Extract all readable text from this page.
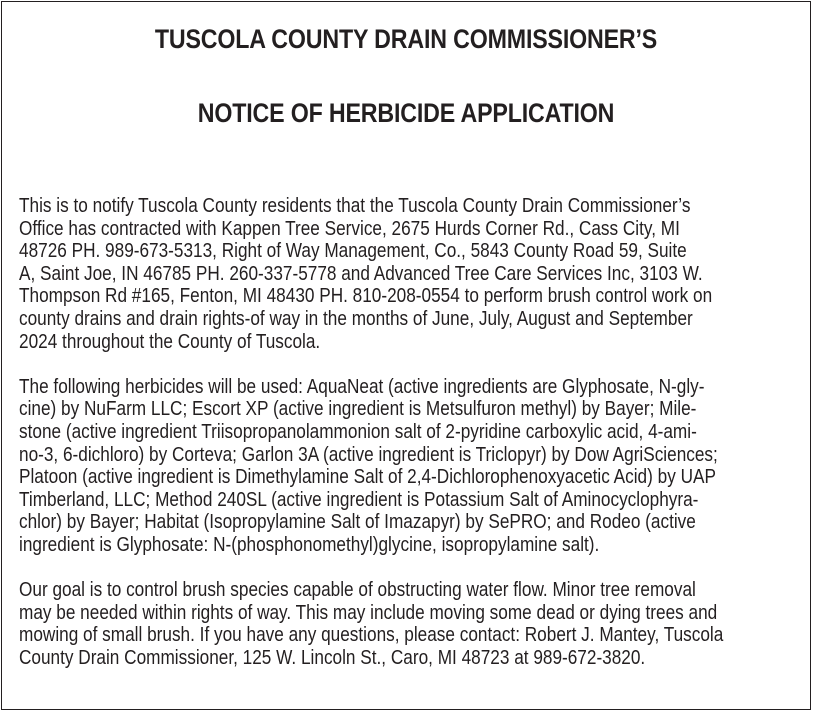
TUSCOLA COUNTY DRAIN COMMISSIONER’S
NOTICE OF HERBICIDE APPLICATION

This is to notify Tuscola County residents that the Tuscola County Drain Commissioner’s
Office has contracted with Kappen Tree Service, 2675 Hurds Corner Rd., Cass City, MI
48726 PH. 989-673-5313, Right of Way Management, Co., 5843 County Road 59, Suite
A, Saint Joe, IN 46785 PH. 260-337-5778 and Advanced Tree Care Services Inc, 3103 W.
Thompson Rd #165, Fenton, MI 48430 PH. 810-208-0554 to perform brush control work on
county drains and drain rights-of way in the months of June, July, August and September
2024 throughout the County of Tuscola.

The following herbicides will be used: AquaNeat (active ingredients are Glyphosate, N-gly-
cine) by NuFarm LLC; Escort XP (active ingredient is Metsulfuron methyl) by Bayer; Mile-
stone (active ingredient Triisopropanolammonion salt of 2-pyridine carboxylic acid, 4-ami-
no-3, 6-dichloro) by Corteva; Garlon 3A (active ingredient is Triclopyr) by Dow AgriSciences;
Platoon (active ingredient is Dimethylamine Salt of 2,4-Dichlorophenoxyacetic Acid) by UAP
Timberland, LLC; Method 240SL (active ingredient is Potassium Salt of Aminocyclophyra-
chlor) by Bayer; Habitat (Isopropylamine Salt of Imazapyr) by SePRO; and Rodeo (active
ingredient is Glyphosate: N-(phosphonomethyl)glycine, isopropylamine salt).

Our goal is to control brush species capable of obstructing water flow. Minor tree removal
may be needed within rights of way. This may include moving some dead or dying trees and
mowing of small brush. If you have any questions, please contact: Robert J. Mantey, Tuscola
County Drain Commissioner, 125 W. Lincoln St., Caro, MI 48723 at 989-672-3820.
